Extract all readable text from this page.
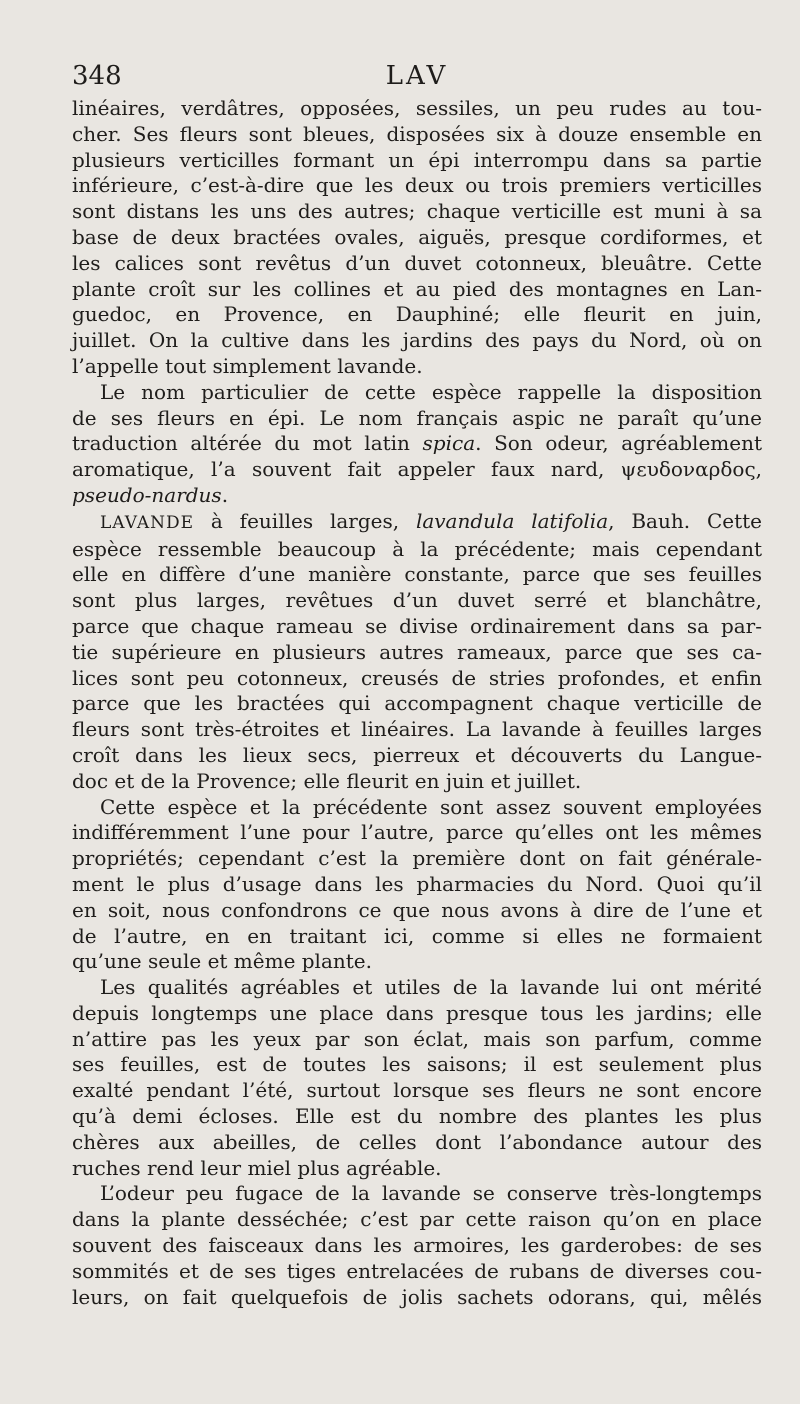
348	LAV
linéaires, verdâtres, opposées, sessiles, un peu rudes au tou-
cher. Ses fleurs sont bleues, disposées six à douze ensemble en
plusieurs verticilles formant un épi interrompu dans sa partie
inférieure, c’est-à-dire que les deux ou trois premiers verticilles
sont distans les uns des autres; chaque verticille est muni à sa
base de deux bractées ovales, aiguës, presque cordiformes, et
les calices sont revêtus d’un duvet cotonneux, bleuâtre. Cette
plante croît sur les collines et au pied des montagnes en Lan-
guedoc, en Provence, en Dauphiné; elle fleurit en juin,
juillet. On la cultive dans les jardins des pays du Nord, où on
l’appelle tout simplement lavande.
Le nom particulier de cette espèce rappelle la disposition
de ses fleurs en épi. Le nom français aspic ne paraît qu’une
traduction altérée du mot latin spica. Son odeur, agréablement
aromatique, l’a souvent fait appeler faux nard, ψευδοναρδος,
pseudo-nardus.
LAVANDE à feuilles larges, lavandula latifolia, Bauh. Cette
espèce ressemble beaucoup à la précédente; mais cependant
elle en diffère d’une manière constante, parce que ses feuilles
sont plus larges, revêtues d’un duvet serré et blanchâtre,
parce que chaque rameau se divise ordinairement dans sa par-
tie supérieure en plusieurs autres rameaux, parce que ses ca-
lices sont peu cotonneux, creusés de stries profondes, et enfin
parce que les bractées qui accompagnent chaque verticille de
fleurs sont très-étroites et linéaires. La lavande à feuilles larges
croît dans les lieux secs, pierreux et découverts du Langue-
doc et de la Provence; elle fleurit en juin et juillet.
Cette espèce et la précédente sont assez souvent employées
indifféremment l’une pour l’autre, parce qu’elles ont les mêmes
propriétés; cependant c’est la première dont on fait générale-
ment le plus d’usage dans les pharmacies du Nord. Quoi qu’il
en soit, nous confondrons ce que nous avons à dire de l’une et
de l’autre, en en traitant ici, comme si elles ne formaient
qu’une seule et même plante.
Les qualités agréables et utiles de la lavande lui ont mérité
depuis longtemps une place dans presque tous les jardins; elle
n’attire pas les yeux par son éclat, mais son parfum, comme
ses feuilles, est de toutes les saisons; il est seulement plus
exalté pendant l’été, surtout lorsque ses fleurs ne sont encore
qu’à demi écloses. Elle est du nombre des plantes les plus
chères aux abeilles, de celles dont l’abondance autour des
ruches rend leur miel plus agréable.
L’odeur peu fugace de la lavande se conserve très-longtemps
dans la plante desséchée; c’est par cette raison qu’on en place
souvent des faisceaux dans les armoires, les garderobes: de ses
sommités et de ses tiges entrelacées de rubans de diverses cou-
leurs, on fait quelquefois de jolis sachets odorans, qui, mêlés
